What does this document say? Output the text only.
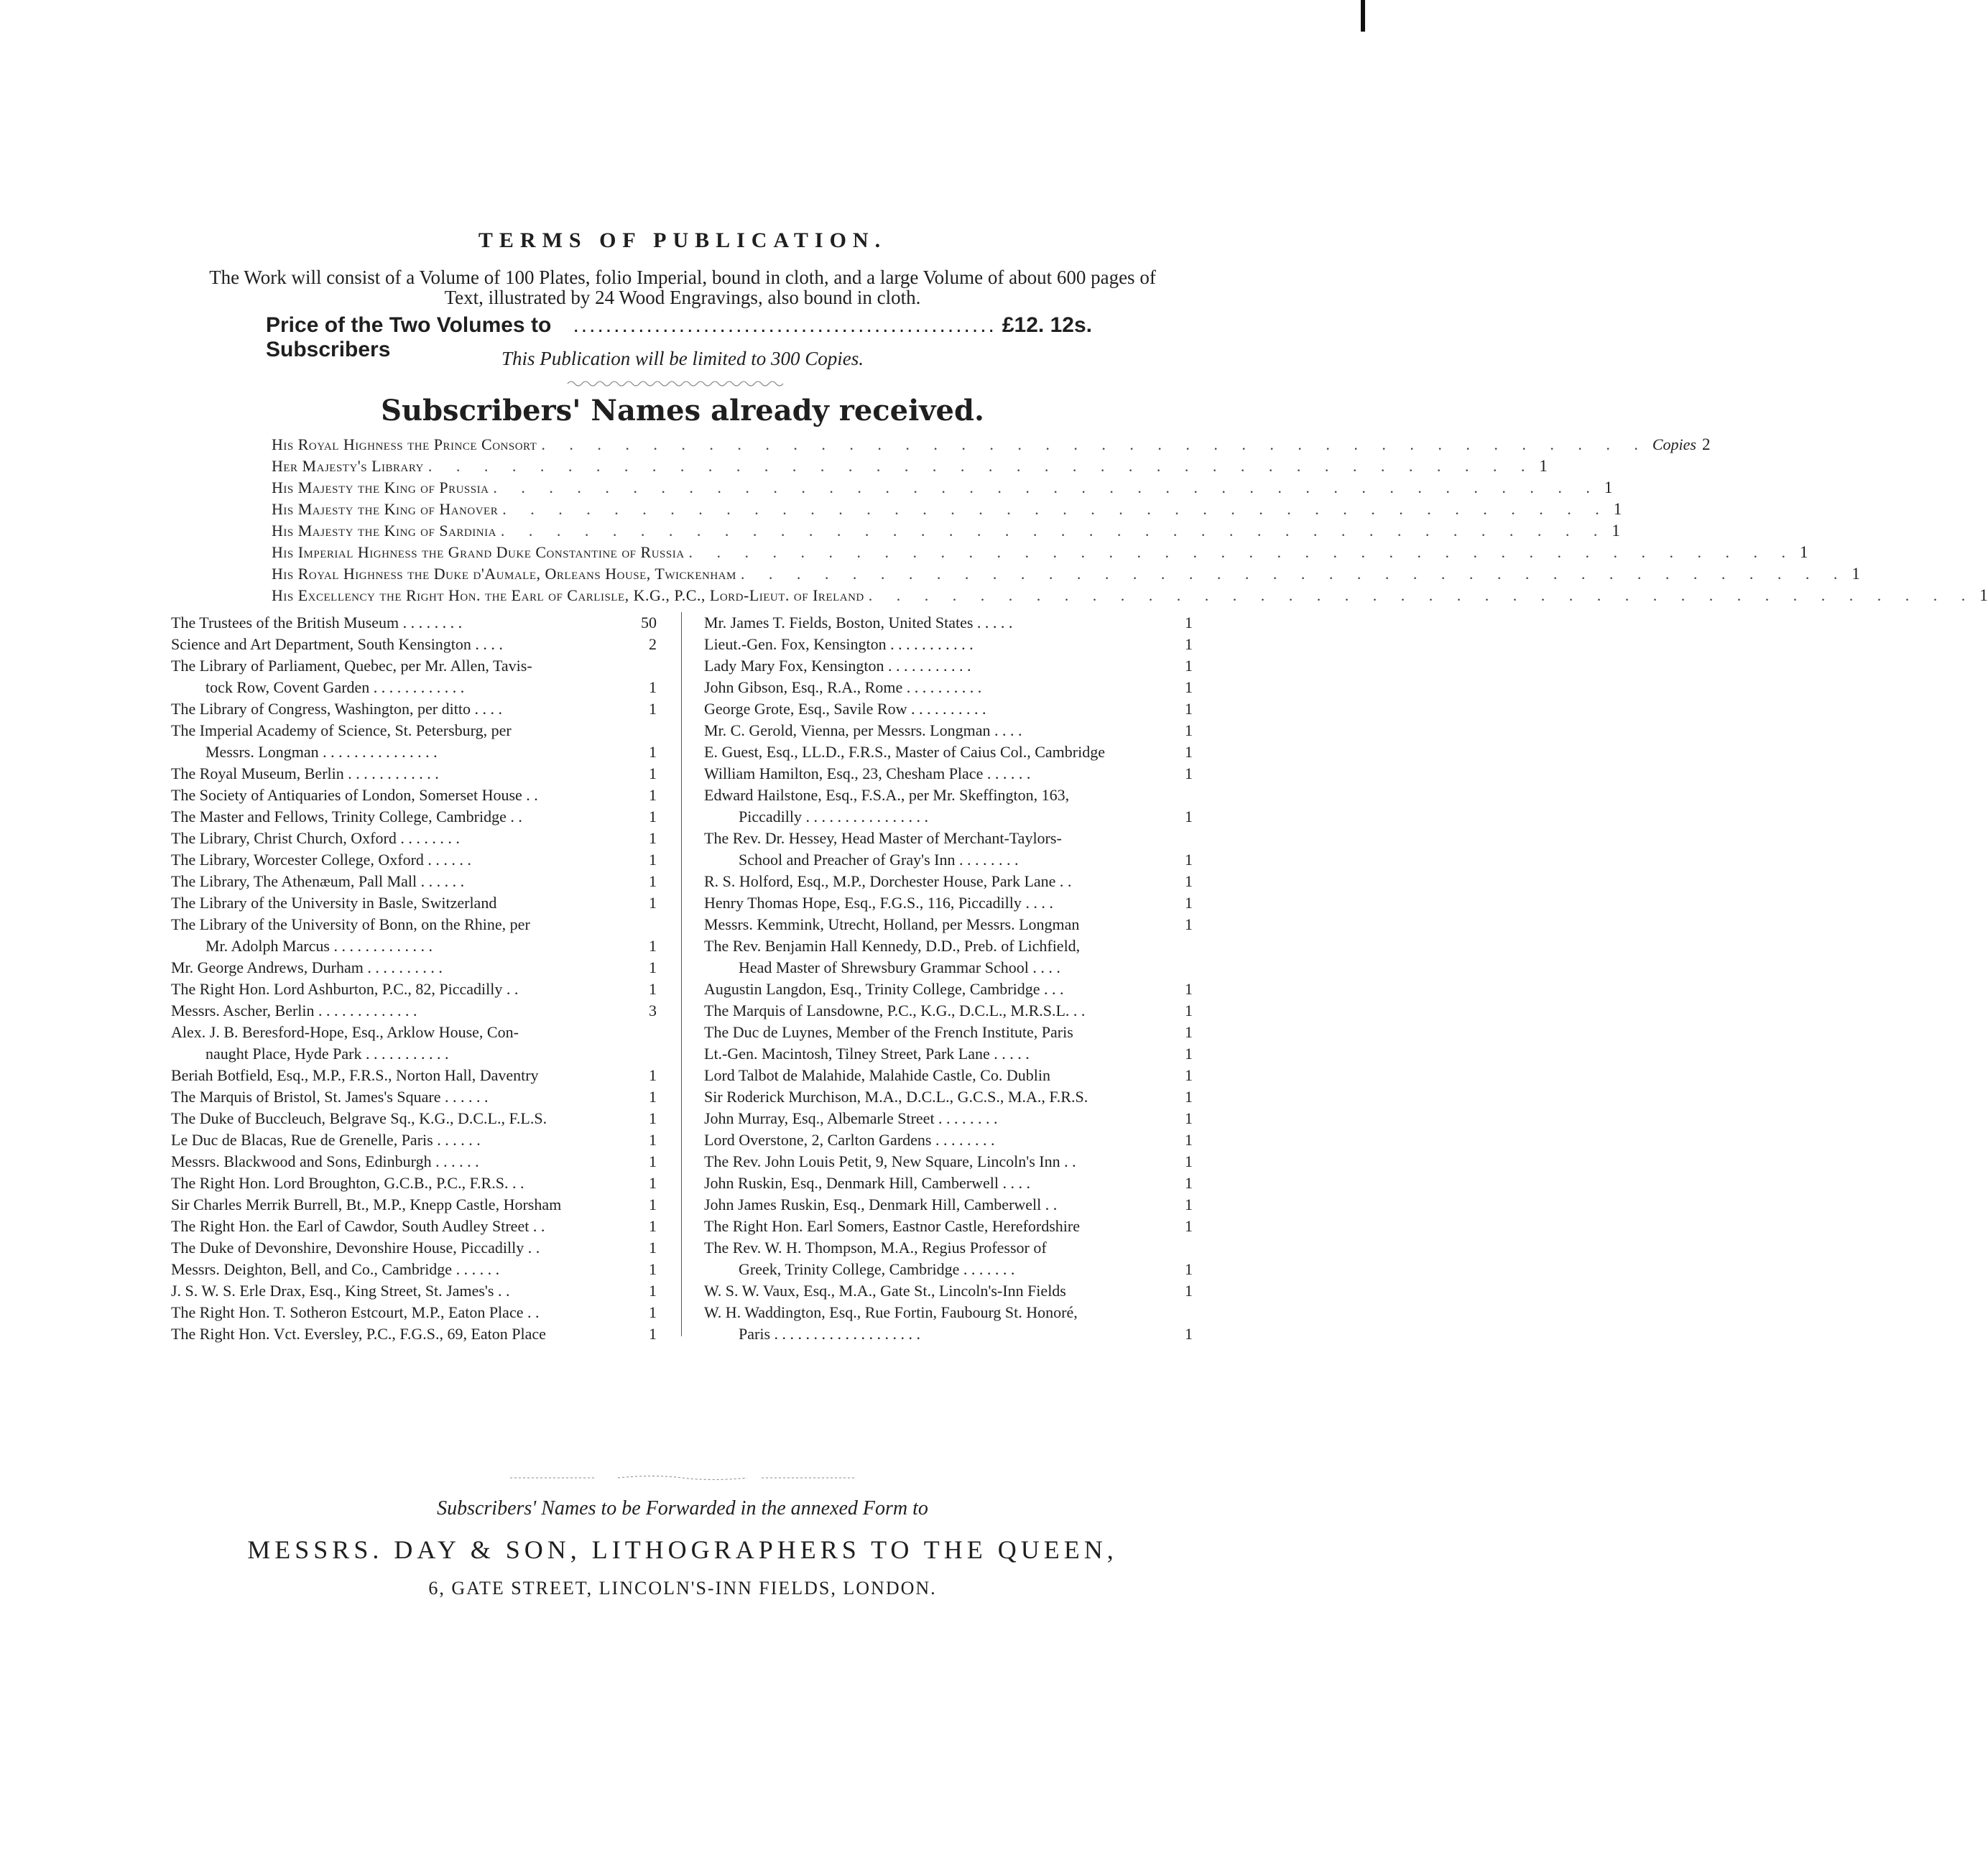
TERMS OF PUBLICATION.
The Work will consist of a Volume of 100 Plates, folio Imperial, bound in cloth, and a large Volume of about 600 pages of Text, illustrated by 24 Wood Engravings, also bound in cloth.
Price of the Two Volumes to Subscribers
.................................................... £12. 12s.
This Publication will be limited to 300 Copies.
Subscribers' Names already received.
His Royal Highness the Prince Consort . . . . . . . . . . . . . . . . . . . . . . . . . . . . . . . . . . . . . . . . Copies 2
Her Majesty's Library . . . . . . . . . . . . . . . . . . . . . . . . . . . . . . . . . . . . . . . . 1
His Majesty the King of Prussia . . . . . . . . . . . . . . . . . . . . . . . . . . . . . . . . . . . . . . . . 1
His Majesty the King of Hanover . . . . . . . . . . . . . . . . . . . . . . . . . . . . . . . . . . . . . . . . 1
His Majesty the King of Sardinia . . . . . . . . . . . . . . . . . . . . . . . . . . . . . . . . . . . . . . . . 1
His Imperial Highness the Grand Duke Constantine of Russia . . . . . . . . . . . . . . . . . . . . . . . . . . . . . . . . . . . . . . . . 1
His Royal Highness the Duke d'Aumale, Orleans House, Twickenham . . . . . . . . . . . . . . . . . . . . . . . . . . . . . . . . . . . . . . . . 1
His Excellency the Right Hon. the Earl of Carlisle, K.G., P.C., Lord-Lieut. of Ireland . . . . . . . . . . . . . . . . . . . . . . . . . . . . . . . . . . . . . . . . 1
The Trustees of the British Museum . . . . . . . .	50
Science and Art Department, South Kensington . . . .	2
The Library of Parliament, Quebec, per Mr. Allen, Tavis-
tock Row, Covent Garden . . . . . . . . . . . .	1
The Library of Congress, Washington, per ditto . . . .	1
The Imperial Academy of Science, St. Petersburg, per
Messrs. Longman . . . . . . . . . . . . . . .	1
The Royal Museum, Berlin . . . . . . . . . . . .	1
The Society of Antiquaries of London, Somerset House . .	1
The Master and Fellows, Trinity College, Cambridge . .	1
The Library, Christ Church, Oxford . . . . . . . .	1
The Library, Worcester College, Oxford . . . . . .	1
The Library, The Athenæum, Pall Mall . . . . . .	1
The Library of the University in Basle, Switzerland	1
The Library of the University of Bonn, on the Rhine, per
Mr. Adolph Marcus . . . . . . . . . . . . .	1
Mr. George Andrews, Durham . . . . . . . . . .	1
The Right Hon. Lord Ashburton, P.C., 82, Piccadilly . .	1
Messrs. Ascher, Berlin . . . . . . . . . . . . .	3
Alex. J. B. Beresford-Hope, Esq., Arklow House, Con-
naught Place, Hyde Park . . . . . . . . . . .
Beriah Botfield, Esq., M.P., F.R.S., Norton Hall, Daventry	1
The Marquis of Bristol, St. James's Square . . . . . .	1
The Duke of Buccleuch, Belgrave Sq., K.G., D.C.L., F.L.S.	1
Le Duc de Blacas, Rue de Grenelle, Paris . . . . . .	1
Messrs. Blackwood and Sons, Edinburgh . . . . . .	1
The Right Hon. Lord Broughton, G.C.B., P.C., F.R.S. . .	1
Sir Charles Merrik Burrell, Bt., M.P., Knepp Castle, Horsham	1
The Right Hon. the Earl of Cawdor, South Audley Street . .	1
The Duke of Devonshire, Devonshire House, Piccadilly . .	1
Messrs. Deighton, Bell, and Co., Cambridge . . . . . .	1
J. S. W. S. Erle Drax, Esq., King Street, St. James's . .	1
The Right Hon. T. Sotheron Estcourt, M.P., Eaton Place . .	1
The Right Hon. Vct. Eversley, P.C., F.G.S., 69, Eaton Place	1
Mr. James T. Fields, Boston, United States . . . . .	1
Lieut.-Gen. Fox, Kensington . . . . . . . . . . .	1
Lady Mary Fox, Kensington . . . . . . . . . . .	1
John Gibson, Esq., R.A., Rome . . . . . . . . . .	1
George Grote, Esq., Savile Row . . . . . . . . . .	1
Mr. C. Gerold, Vienna, per Messrs. Longman . . . .	1
E. Guest, Esq., LL.D., F.R.S., Master of Caius Col., Cambridge	1
William Hamilton, Esq., 23, Chesham Place . . . . . .	1
Edward Hailstone, Esq., F.S.A., per Mr. Skeffington, 163,
Piccadilly . . . . . . . . . . . . . . . .	1
The Rev. Dr. Hessey, Head Master of Merchant-Taylors-
School and Preacher of Gray's Inn . . . . . . . .	1
R. S. Holford, Esq., M.P., Dorchester House, Park Lane . .	1
Henry Thomas Hope, Esq., F.G.S., 116, Piccadilly . . . .	1
Messrs. Kemmink, Utrecht, Holland, per Messrs. Longman	1
The Rev. Benjamin Hall Kennedy, D.D., Preb. of Lichfield,
Head Master of Shrewsbury Grammar School . . . .
Augustin Langdon, Esq., Trinity College, Cambridge . . .	1
The Marquis of Lansdowne, P.C., K.G., D.C.L., M.R.S.L. . .	1
The Duc de Luynes, Member of the French Institute, Paris	1
Lt.-Gen. Macintosh, Tilney Street, Park Lane . . . . .	1
Lord Talbot de Malahide, Malahide Castle, Co. Dublin	1
Sir Roderick Murchison, M.A., D.C.L., G.C.S., M.A., F.R.S.	1
John Murray, Esq., Albemarle Street . . . . . . . .	1
Lord Overstone, 2, Carlton Gardens . . . . . . . .	1
The Rev. John Louis Petit, 9, New Square, Lincoln's Inn . .	1
John Ruskin, Esq., Denmark Hill, Camberwell . . . .	1
John James Ruskin, Esq., Denmark Hill, Camberwell . .	1
The Right Hon. Earl Somers, Eastnor Castle, Herefordshire	1
The Rev. W. H. Thompson, M.A., Regius Professor of
Greek, Trinity College, Cambridge . . . . . . .	1
W. S. W. Vaux, Esq., M.A., Gate St., Lincoln's-Inn Fields	1
W. H. Waddington, Esq., Rue Fortin, Faubourg St. Honoré,
Paris . . . . . . . . . . . . . . . . . . .	1
Subscribers' Names to be Forwarded in the annexed Form to
MESSRS. DAY & SON, LITHOGRAPHERS TO THE QUEEN,
6, GATE STREET, LINCOLN'S-INN FIELDS, LONDON.
